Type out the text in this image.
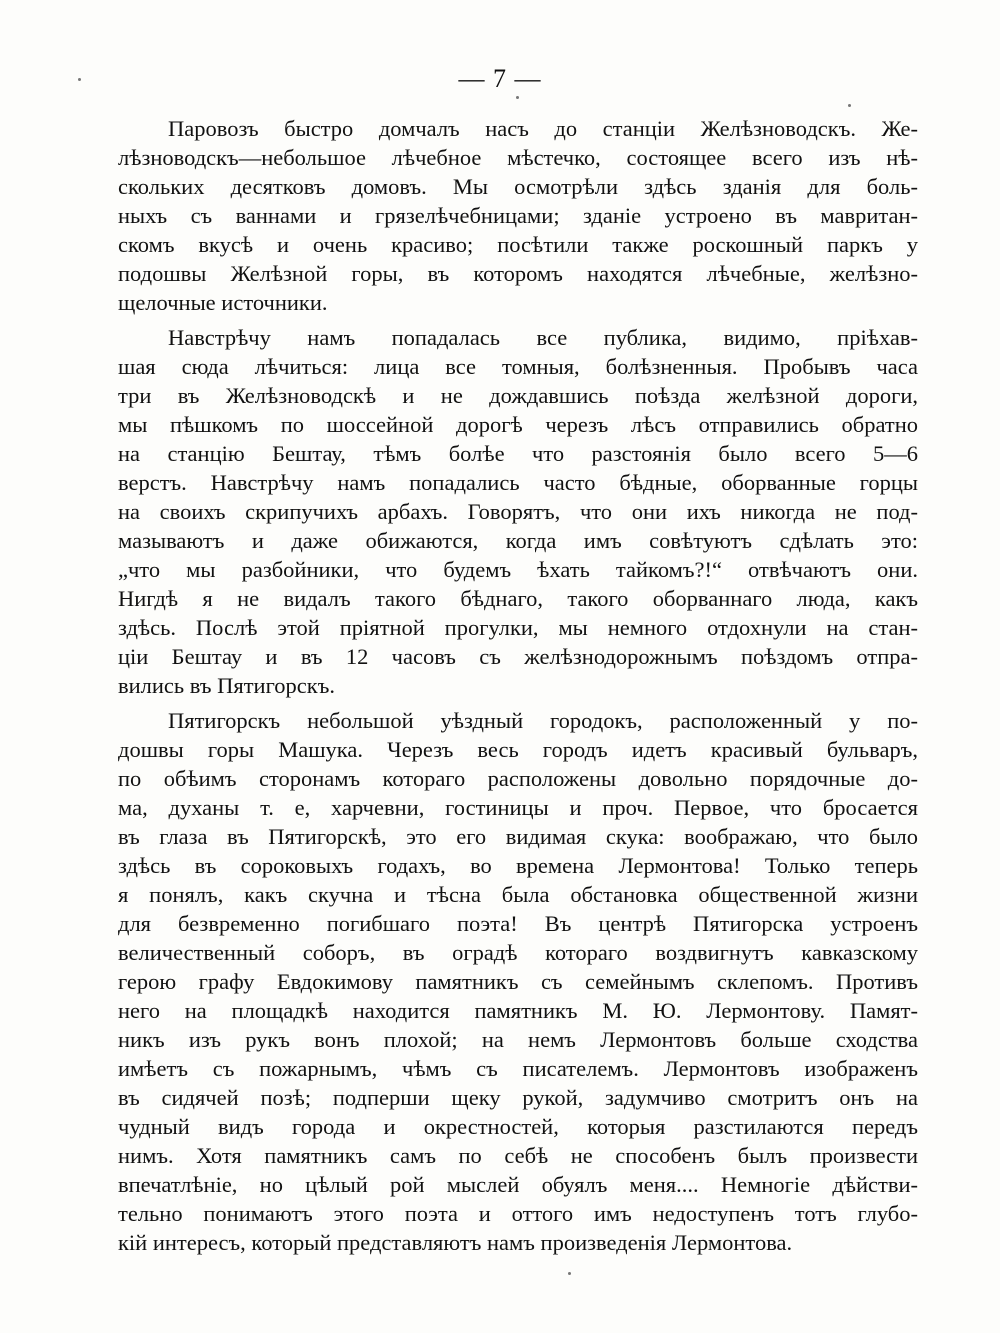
— 7 —

Паровозъ быстро домчалъ насъ до станціи Желѣзноводскъ. Же-
лѣзноводскъ—небольшое лѣчебное мѣстечко, состоящее всего изъ нѣ-
скольких десятковъ домовъ. Мы осмотрѣли здѣсь зданія для боль-
ныхъ съ ваннами и грязелѣчебницами; зданіе устроено въ мавритан-
скомъ вкусѣ и очень красиво; посѣтили также роскошный паркъ у
подошвы Желѣзной горы, въ которомъ находятся лѣчебные, желѣзно-
щелочные источники.

Навстрѣчу намъ попадалась все публика, видимо, пріѣхав-
шая сюда лѣчиться: лица все томныя, болѣзненныя. Пробывъ часа
три въ Желѣзноводскѣ и не дождавшись поѣзда желѣзной дороги,
мы пѣшкомъ по шоссейной дорогѣ черезъ лѣсъ отправились обратно
на станцію Бештау, тѣмъ болѣе что разстоянія было всего 5—6
верстъ. Навстрѣчу намъ попадались часто бѣдные, оборванные горцы
на своихъ скрипучихъ арбахъ. Говорятъ, что они ихъ никогда не под-
мазываютъ и даже обижаются, когда имъ совѣтуютъ сдѣлать это:
„что мы разбойники, что будемъ ѣхать тайкомъ?!“ отвѣчаютъ они.
Нигдѣ я не видалъ такого бѣднаго, такого оборваннаго люда, какъ
здѣсь. Послѣ этой пріятной прогулки, мы немного отдохнули на стан-
ціи Бештау и въ 12 часовъ съ желѣзнодорожнымъ поѣздомъ отпра-
вились въ Пятигорскъ.

Пятигорскъ небольшой уѣздный городокъ, расположенный у по-
дошвы горы Машука. Черезъ весь городъ идетъ красивый бульваръ,
по обѣимъ сторонамъ котораго расположены довольно порядочные до-
ма, духаны т. е, харчевни, гостиницы и проч. Первое, что бросается
въ глаза въ Пятигорскѣ, это его видимая скука: воображаю, что было
здѣсь въ сороковыхъ годахъ, во времена Лермонтова! Только теперь
я понялъ, какъ скучна и тѣсна была обстановка общественной жизни
для безвременно погибшаго поэта! Въ центрѣ Пятигорска устроенъ
величественный соборъ, въ оградѣ котораго воздвигнутъ кавказскому
герою графу Евдокимову памятникъ съ семейнымъ склепомъ. Противъ
него на площадкѣ находится памятникъ М. Ю. Лермонтову. Памят-
никъ изъ рукъ вонъ плохой; на немъ Лермонтовъ больше сходства
имѣетъ съ пожарнымъ, чѣмъ съ писателемъ. Лермонтовъ изображенъ
въ сидячей позѣ; подперши щеку рукой, задумчиво смотритъ онъ на
чудный видъ города и окрестностей, которыя разстилаются передъ
нимъ. Хотя памятникъ самъ по себѣ не способенъ былъ произвести
впечатлѣніе, но цѣлый рой мыслей обуялъ меня.... Немногіе дѣйстви-
тельно понимаютъ этого поэта и оттого имъ недоступенъ тотъ глубо-
кій интересъ, который представляютъ намъ произведенія Лермонтова.
